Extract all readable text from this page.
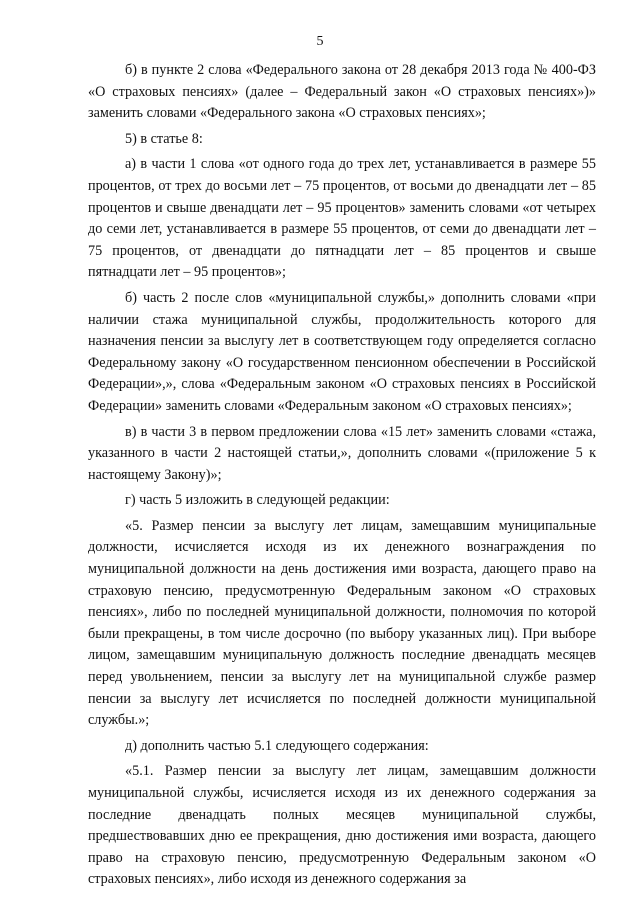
5

б) в пункте 2 слова «Федерального закона от 28 декабря 2013 года № 400-ФЗ «О страховых пенсиях» (далее – Федеральный закон «О страховых пенсиях»)» заменить словами «Федерального закона «О страховых пенсиях»;

5) в статье 8:

а) в части 1 слова «от одного года до трех лет, устанавливается в размере 55 процентов, от трех до восьми лет – 75 процентов, от восьми до двенадцати лет – 85 процентов и свыше двенадцати лет – 95 процентов» заменить словами «от четырех до семи лет, устанавливается в размере 55 процентов, от семи до двенадцати лет – 75 процентов, от двенадцати до пятнадцати лет – 85 процентов и свыше пятнадцати лет – 95 процентов»;

б) часть 2 после слов «муниципальной службы,» дополнить словами «при наличии стажа муниципальной службы, продолжительность которого для назначения пенсии за выслугу лет в соответствующем году определяется согласно Федеральному закону «О государственном пенсионном обеспечении в Российской Федерации»,», слова «Федеральным законом «О страховых пенсиях в Российской Федерации» заменить словами «Федеральным законом «О страховых пенсиях»;

в) в части 3 в первом предложении слова «15 лет» заменить словами «стажа, указанного в части 2 настоящей статьи,», дополнить словами «(приложение 5 к настоящему Закону)»;

г) часть 5 изложить в следующей редакции:

«5. Размер пенсии за выслугу лет лицам, замещавшим муниципальные должности, исчисляется исходя из их денежного вознаграждения по муниципальной должности на день достижения ими возраста, дающего право на страховую пенсию, предусмотренную Федеральным законом «О страховых пенсиях», либо по последней муниципальной должности, полномочия по которой были прекращены, в том числе досрочно (по выбору указанных лиц). При выборе лицом, замещавшим муниципальную должность последние двенадцать месяцев перед увольнением, пенсии за выслугу лет на муниципальной службе размер пенсии за выслугу лет исчисляется по последней должности муниципальной службы.»;

д) дополнить частью 5.1 следующего содержания:

«5.1. Размер пенсии за выслугу лет лицам, замещавшим должности муниципальной службы, исчисляется исходя из их денежного содержания за последние двенадцать полных месяцев муниципальной службы, предшествовавших дню ее прекращения, дню достижения ими возраста, дающего право на страховую пенсию, предусмотренную Федеральным законом «О страховых пенсиях», либо исходя из денежного содержания за
